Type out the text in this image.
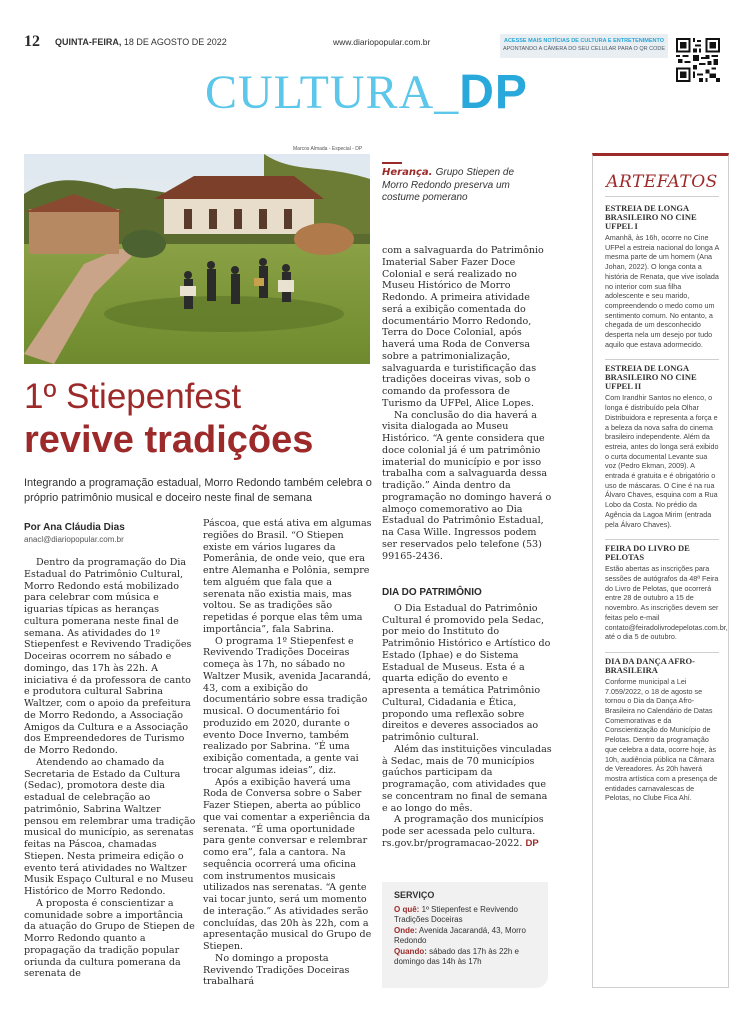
12 QUINTA-FEIRA, 18 DE AGOSTO DE 2022	www.diariopopular.com.br	ACESSE MAIS NOTÍCIAS DE CULTURA E ENTRETENIMENTO
APONTANDO A CÂMERA DO SEU CELULAR PARA O QR CODE
CULTURA_DP
Marcos Almada - Especial - DP
Herança. Grupo Stiepen de Morro Redondo preserva um costume pomerano
1º Stiepenfest
revive tradições
Integrando a programação estadual, Morro Redondo também celebra o próprio patrimônio musical e doceiro neste final de semana
Por Ana Cláudia Dias
anacl@diariopopular.com.br

Dentro da programação do Dia Estadual do Patrimônio Cultural, Morro Redondo está mobilizado para celebrar com música e iguarias típicas as heranças cultura pomerana neste final de semana. As atividades do 1º Stiepenfest e Revivendo Tradições Doceiras ocorrem no sábado e domingo, das 17h às 22h. A iniciativa é da professora de canto e produtora cultural Sabrina Waltzer, com o apoio da prefeitura de Morro Redondo, a Associação Amigos da Cultura e a Associação dos Empreendedores de Turismo de Morro Redondo.

Atendendo ao chamado da Secretaria de Estado da Cultura (Sedac), promotora deste dia estadual de celebração ao patrimônio, Sabrina Waltzer pensou em relembrar uma tradição musical do município, as serenatas feitas na Páscoa, chamadas Stiepen. Nesta primeira edição o evento terá atividades no Waltzer Musik Espaço Cultural e no Museu Histórico de Morro Redondo.

A proposta é conscientizar a comunidade sobre a importância da atuação do Grupo de Stiepen de Morro Redondo quanto a propagação da tradição popular oriunda da cultura pomerana da serenata de

Páscoa, que está ativa em algumas regiões do Brasil. “O Stiepen existe em vários lugares da Pomerânia, de onde veio, que era entre Alemanha e Polônia, sempre tem alguém que fala que a serenata não existia mais, mas voltou. Se as tradições são repetidas é porque elas têm uma importância”, fala Sabrina.

O programa 1º Stiepenfest e Revivendo Tradições Doceiras começa às 17h, no sábado no Waltzer Musik, avenida Jacarandá, 43, com a exibição do documentário sobre essa tradição musical. O documentário foi produzido em 2020, durante o evento Doce Inverno, também realizado por Sabrina. “É uma exibição comentada, a gente vai trocar algumas ideias”, diz.

Após a exibição haverá uma Roda de Conversa sobre o Saber Fazer Stiepen, aberta ao público que vai comentar a experiência da serenata. “É uma oportunidade para gente conversar e relembrar como era”, fala a cantora. Na sequência ocorrerá uma oficina com instrumentos musicais utilizados nas serenatas. “A gente vai tocar junto, será um momento de interação.” As atividades serão concluídas, das 20h às 22h, com a apresentação musical do Grupo de Stiepen.

No domingo a proposta Revivendo Tradições Doceiras trabalhará

com a salvaguarda do Patrimônio Imaterial Saber Fazer Doce Colonial e será realizado no Museu Histórico de Morro Redondo. A primeira atividade será a exibição comentada do documentário Morro Redondo, Terra do Doce Colonial, após haverá uma Roda de Conversa sobre a patrimonialização, salvaguarda e turistificação das tradições doceiras vivas, sob o comando da professora de Turismo da UFPel, Alice Lopes.

Na conclusão do dia haverá a visita dialogada ao Museu Histórico. “A gente considera que doce colonial já é um patrimônio imaterial do município e por isso trabalha com a salvaguarda dessa tradição.” Ainda dentro da programação no domingo haverá o almoço comemorativo ao Dia Estadual do Patrimônio Estadual, na Casa Wille. Ingressos podem ser reservados pelo telefone (53) 99165-2436.

DIA DO PATRIMÔNIO

O Dia Estadual do Patrimônio Cultural é promovido pela Sedac, por meio do Instituto do Patrimônio Histórico e Artístico do Estado (Iphae) e do Sistema Estadual de Museus. Esta é a quarta edição do evento e apresenta a temática Patrimônio Cultural, Cidadania e Ética, propondo uma reflexão sobre direitos e deveres associados ao patrimônio cultural.

Além das instituições vinculadas à Sedac, mais de 70 municípios gaúchos participam da programação, com atividades que se concentram no final de semana e ao longo do mês.

A programação dos municípios pode ser acessada pelo cultura. rs.gov.br/programacao-2022. DP

SERVIÇO
O quê: 1º Stiepenfest e Revivendo Tradições Doceiras
Onde: Avenida Jacarandá, 43, Morro Redondo
Quando: sábado das 17h às 22h e domingo das 14h às 17h
ARTEFATOS
ESTREIA DE LONGA BRASILEIRO NO CINE UFPEL I
Amanhã, às 16h, ocorre no Cine UFPel a estreia nacional do longa A mesma parte de um homem (Ana Johan, 2022). O longa conta a história de Renata, que vive isolada no interior com sua filha adolescente e seu marido, compreendendo o medo como um sentimento comum. No entanto, a chegada de um desconhecido desperta nela um desejo por tudo aquilo que estava adormecido.
ESTREIA DE LONGA BRASILEIRO NO CINE UFPEL II
Com Irandhir Santos no elenco, o longa é distribuído pela Olhar Distribuidora e representa a força e a beleza da nova safra do cinema brasileiro independente. Além da estreia, antes do longa será exibido o curta documental Levante sua voz (Pedro Ekman, 2009). A entrada é gratuita e é obrigatório o uso de máscaras. O Cine é na rua Álvaro Chaves, esquina com a Rua Lobo da Costa. No prédio da Agência da Lagoa Mirim (entrada pela Álvaro Chaves).
FEIRA DO LIVRO DE PELOTAS
Estão abertas as inscrições para sessões de autógrafos da 48ª Feira do Livro de Pelotas, que ocorrerá entre 28 de outubro a 15 de novembro. As inscrições devem ser feitas pelo e-mail contato@feiradolivrodepelotas.com.br, até o dia 5 de outubro.
DIA DA DANÇA AFRO-BRASILEIRA
Conforme municipal a Lei 7.059/2022, o 18 de agosto se tornou o Dia da Dança Afro-Brasileira no Calendário de Datas Comemorativas e da Conscientização do Município de Pelotas. Dentro da programação que celebra a data, ocorre hoje, às 10h, audiência pública na Câmara de Vereadores. Às 20h haverá mostra artística com a presença de entidades carnavalescas de Pelotas, no Clube Fica Ahí.
